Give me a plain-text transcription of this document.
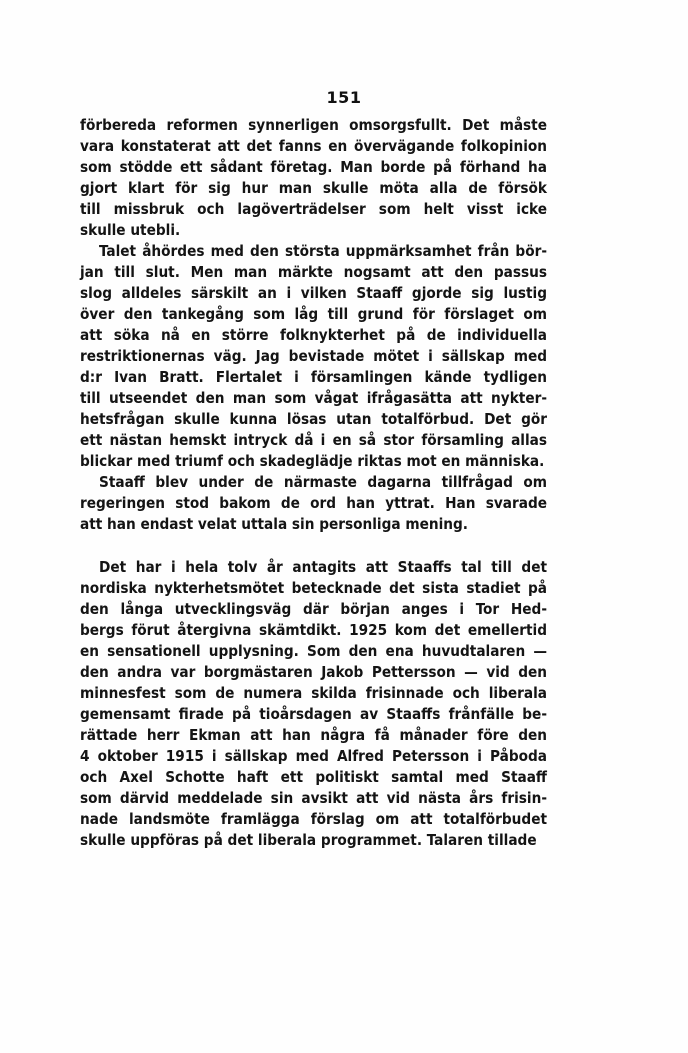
151
förbereda reformen synnerligen omsorgsfullt. Det måste
vara konstaterat att det fanns en övervägande folkopinion
som stödde ett sådant företag. Man borde på förhand ha
gjort klart för sig hur man skulle möta alla de försök
till missbruk och lagöverträdelser som helt visst icke
skulle utebli.
Talet åhördes med den största uppmärksamhet från bör-
jan till slut. Men man märkte nogsamt att den passus
slog alldeles särskilt an i vilken Staaff gjorde sig lustig
över den tankegång som låg till grund för förslaget om
att söka nå en större folknykterhet på de individuella
restriktionernas väg. Jag bevistade mötet i sällskap med
d:r Ivan Bratt. Flertalet i församlingen kände tydligen
till utseendet den man som vågat ifrågasätta att nykter-
hetsfrågan skulle kunna lösas utan totalförbud. Det gör
ett nästan hemskt intryck då i en så stor församling allas
blickar med triumf och skadeglädje riktas mot en människa.
Staaff blev under de närmaste dagarna tillfrågad om
regeringen stod bakom de ord han yttrat. Han svarade
att han endast velat uttala sin personliga mening.
Det har i hela tolv år antagits att Staaffs tal till det
nordiska nykterhetsmötet betecknade det sista stadiet på
den långa utvecklingsväg där början anges i Tor Hed-
bergs förut återgivna skämtdikt. 1925 kom det emellertid
en sensationell upplysning. Som den ena huvudtalaren —
den andra var borgmästaren Jakob Pettersson — vid den
minnesfest som de numera skilda frisinnade och liberala
gemensamt firade på tioårsdagen av Staaffs frånfälle be-
rättade herr Ekman att han några få månader före den
4 oktober 1915 i sällskap med Alfred Petersson i Påboda
och Axel Schotte haft ett politiskt samtal med Staaff
som därvid meddelade sin avsikt att vid nästa års frisin-
nade landsmöte framlägga förslag om att totalförbudet
skulle uppföras på det liberala programmet. Talaren tillade
